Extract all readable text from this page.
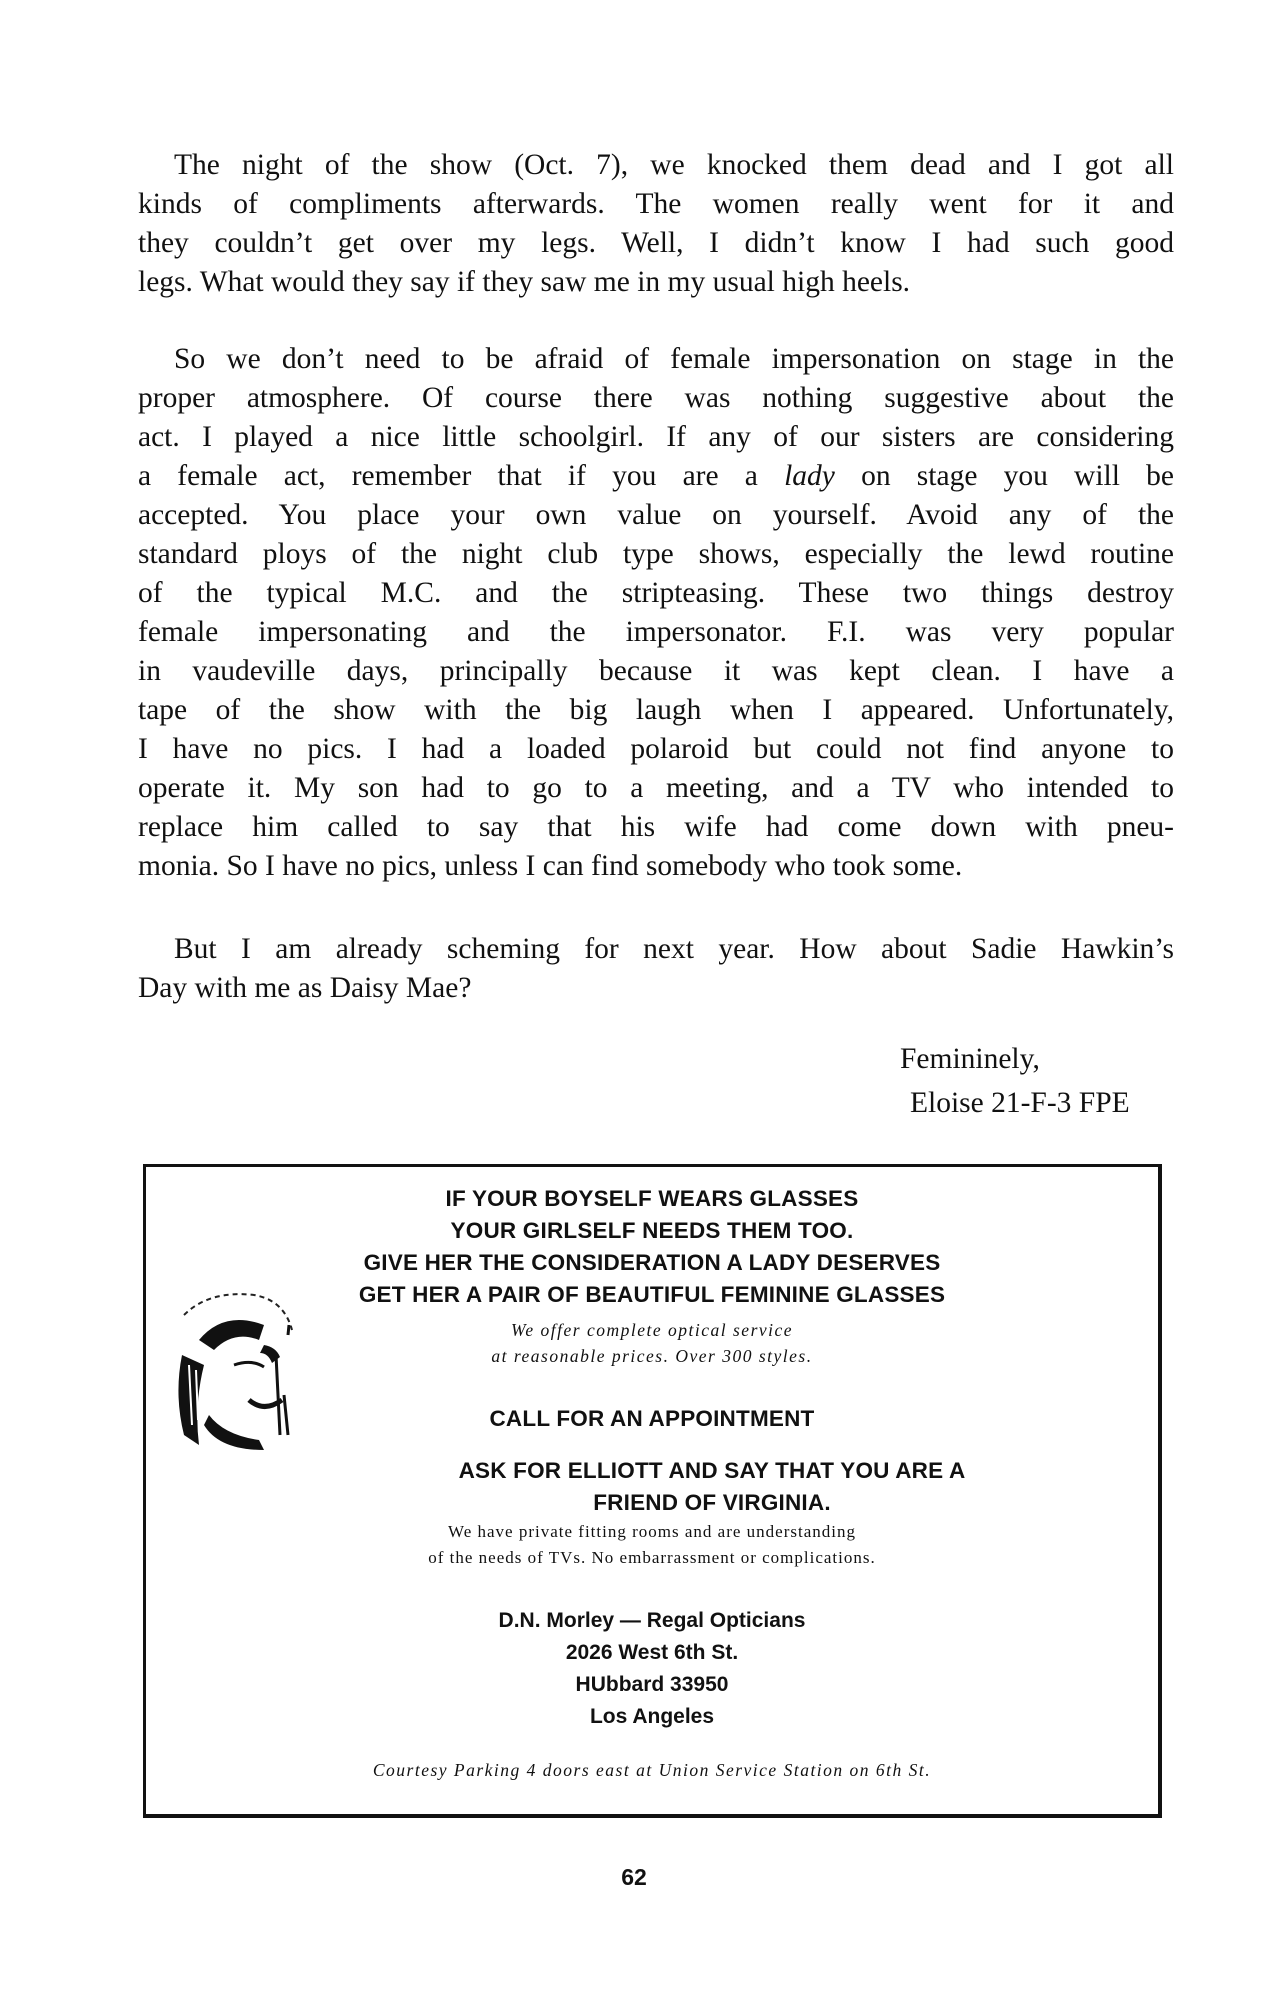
The night of the show (Oct. 7), we knocked them dead and I got all
kinds of compliments afterwards. The women really went for it and
they couldn’t get over my legs. Well, I didn’t know I had such good
legs. What would they say if they saw me in my usual high heels.
So we don’t need to be afraid of female impersonation on stage in the
proper atmosphere. Of course there was nothing suggestive about the
act. I played a nice little schoolgirl. If any of our sisters are considering
a female act, remember that if you are a lady on stage you will be
accepted. You place your own value on yourself. Avoid any of the
standard ploys of the night club type shows, especially the lewd routine
of the typical M.C. and the stripteasing. These two things destroy
female impersonating and the impersonator. F.I. was very popular
in vaudeville days, principally because it was kept clean. I have a
tape of the show with the big laugh when I appeared. Unfortunately,
I have no pics. I had a loaded polaroid but could not find anyone to
operate it. My son had to go to a meeting, and a TV who intended to
replace him called to say that his wife had come down with pneu-
monia. So I have no pics, unless I can find somebody who took some.
But I am already scheming for next year. How about Sadie Hawkin’s
Day with me as Daisy Mae?
Femininely,
Eloise 21-F-3 FPE
IF YOUR BOYSELF WEARS GLASSES
YOUR GIRLSELF NEEDS THEM TOO.
GIVE HER THE CONSIDERATION A LADY DESERVES
GET HER A PAIR OF BEAUTIFUL FEMININE GLASSES
We offer complete optical service
at reasonable prices. Over 300 styles.
CALL FOR AN APPOINTMENT
ASK FOR ELLIOTT AND SAY THAT YOU ARE A
FRIEND OF VIRGINIA.
We have private fitting rooms and are understanding
of the needs of TVs. No embarrassment or complications.
D.N. Morley — Regal Opticians
2026 West 6th St.
HUbbard 33950
Los Angeles
Courtesy Parking 4 doors east at Union Service Station on 6th St.
62
